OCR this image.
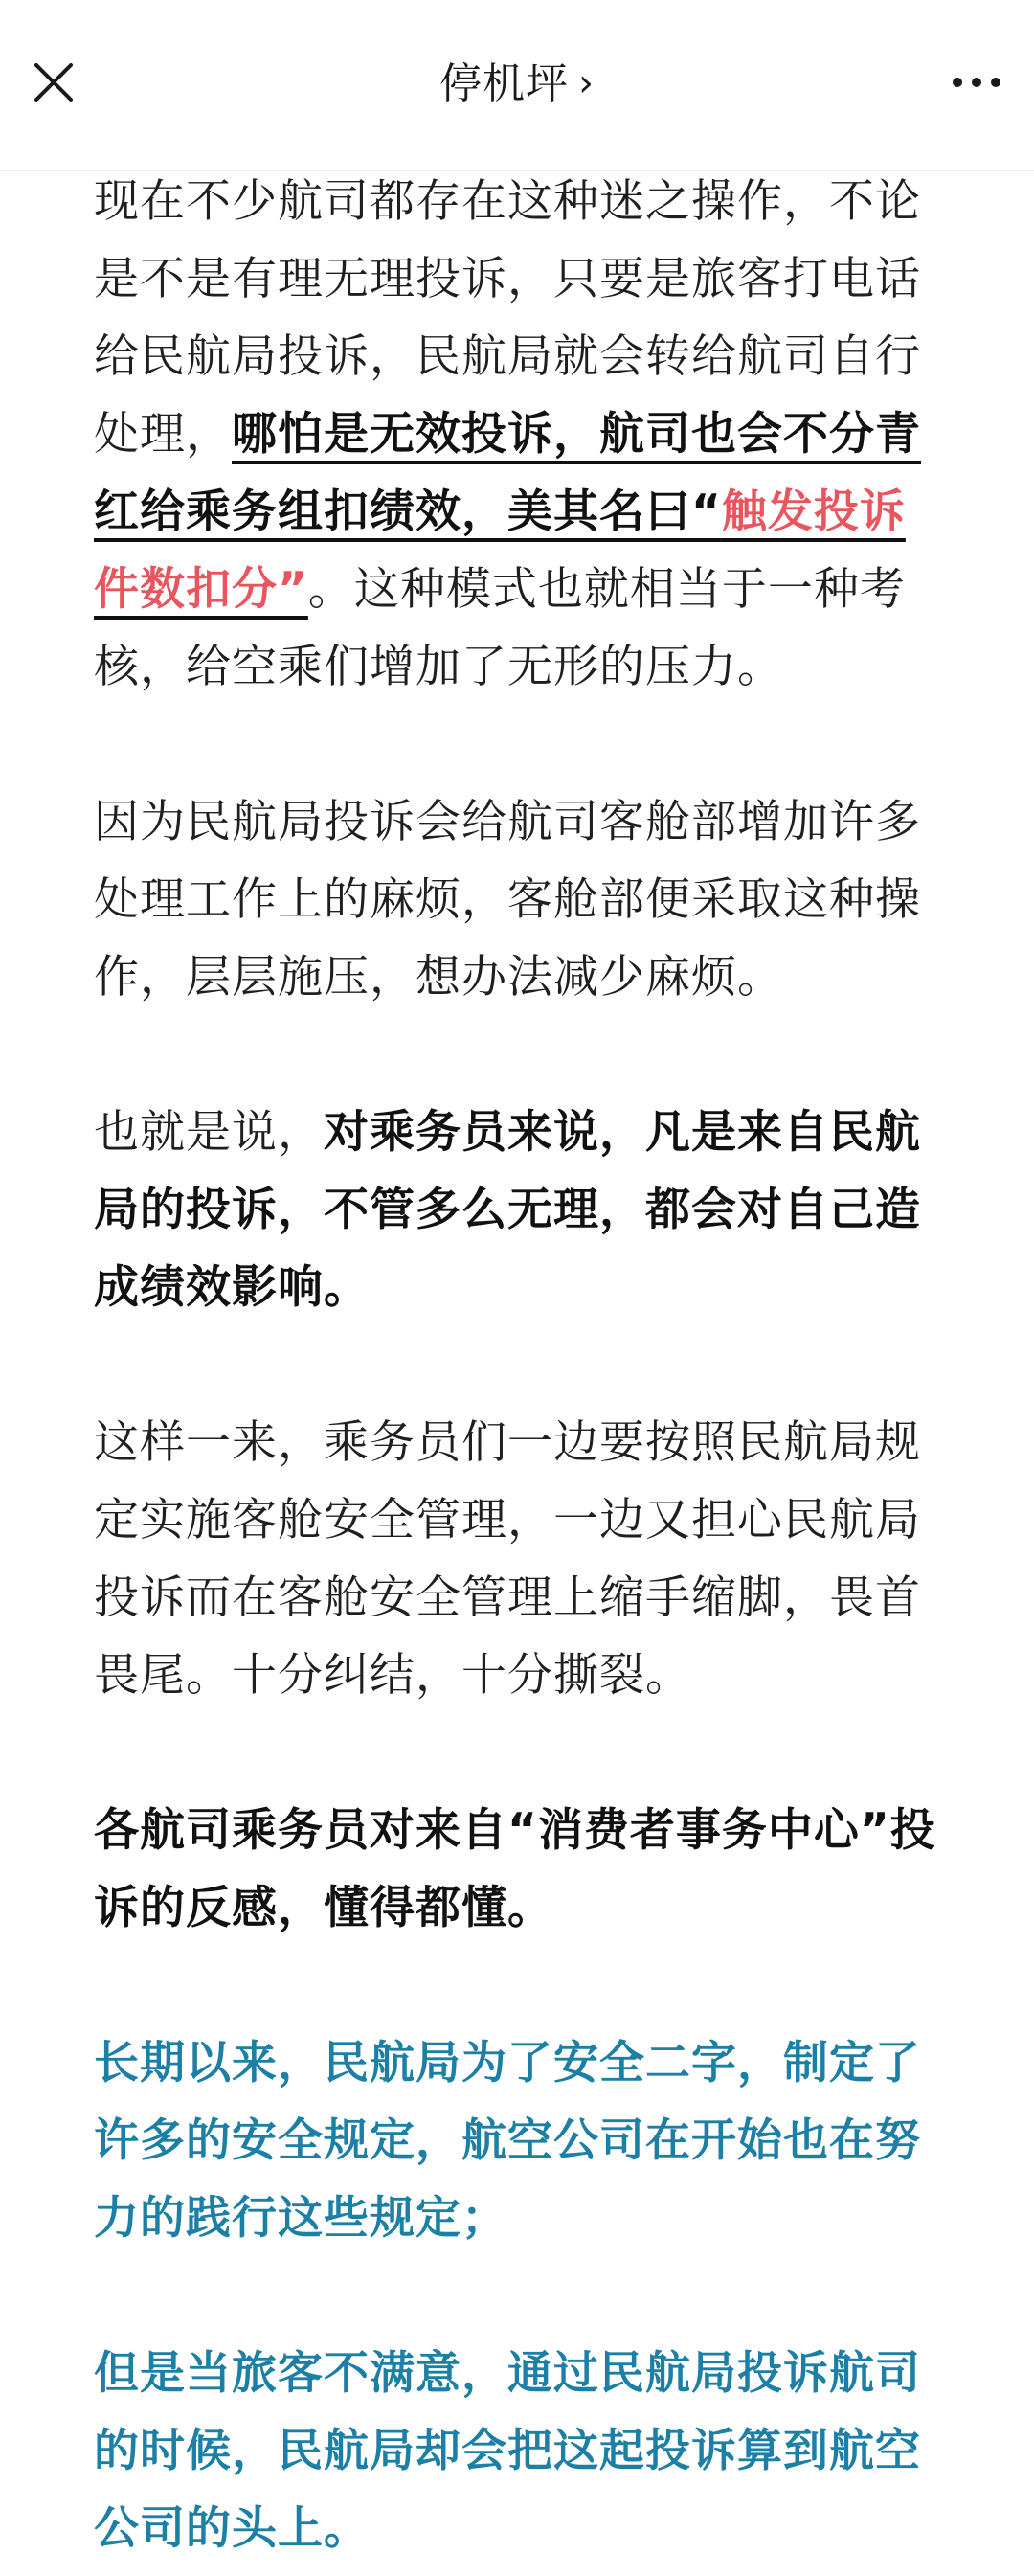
停机坪 ›

现在不少航司都存在这种迷之操作，不论是不是有理无理投诉，只要是旅客打电话给民航局投诉，民航局就会转给航司自行处理，哪怕是无效投诉，航司也会不分青红给乘务组扣绩效，美其名曰“触发投诉件数扣分”。这种模式也就相当于一种考核，给空乘们增加了无形的压力。

因为民航局投诉会给航司客舱部增加许多处理工作上的麻烦，客舱部便采取这种操作，层层施压，想办法减少麻烦。

也就是说，对乘务员来说，凡是来自民航局的投诉，不管多么无理，都会对自己造成绩效影响。

这样一来，乘务员们一边要按照民航局规定实施客舱安全管理，一边又担心民航局投诉而在客舱安全管理上缩手缩脚，畏首畏尾。十分纠结，十分撕裂。

各航司乘务员对来自“消费者事务中心”投诉的反感，懂得都懂。

长期以来，民航局为了安全二字，制定了许多的安全规定，航空公司在开始也在努力的践行这些规定；

但是当旅客不满意，通过民航局投诉航司的时候，民航局却会把这起投诉算到航空公司的头上。
